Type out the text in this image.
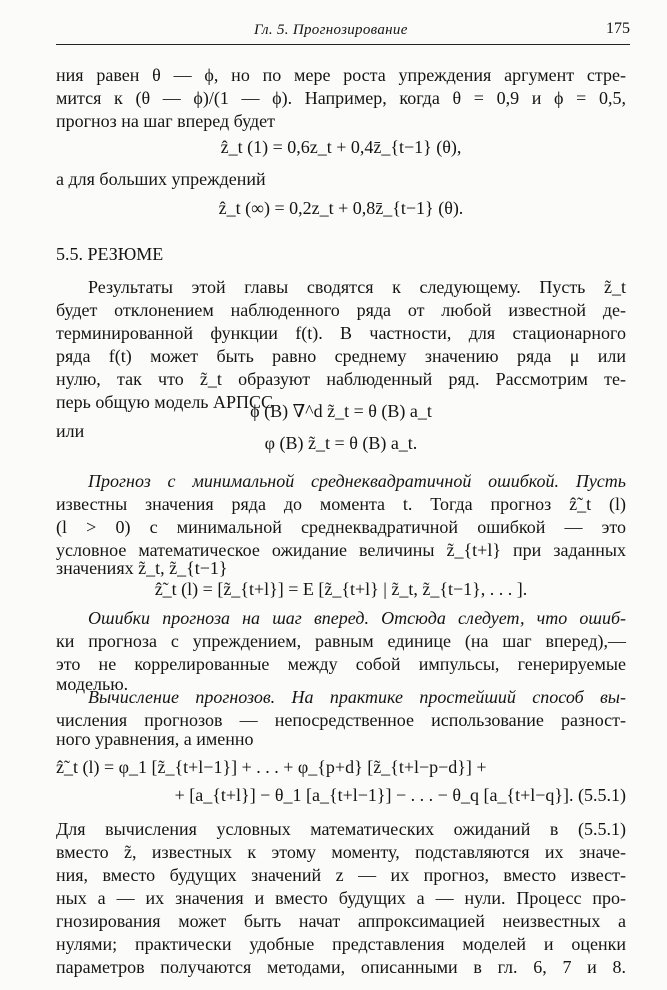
Гл. 5. Прогнозирование	175
ния равен θ — ϕ, но по мере роста упреждения аргумент стре-
мится к (θ — ϕ)/(1 — ϕ). Например, когда θ = 0,9 и ϕ = 0,5,
прогноз на шаг вперед будет
ẑ_t (1) = 0,6z_t + 0,4z̄_{t−1} (θ),
а для больших упреждений
ẑ_t (∞) = 0,2z_t + 0,8z̄_{t−1} (θ).
5.5. РЕЗЮМЕ
Результаты этой главы сводятся к следующему. Пусть z̃_t
будет отклонением наблюденного ряда от любой известной де-
терминированной функции f(t). В частности, для стационарного
ряда f(t) может быть равно среднему значению ряда μ или
нулю, так что z̃_t образуют наблюденный ряд. Рассмотрим те-
перь общую модель АРПСС
ϕ (B) ∇^d z̃_t = θ (B) a_t
или
φ (B) z̃_t = θ (B) a_t.
Прогноз с минимальной среднеквадратичной ошибкой. Пусть
известны значения ряда до момента t. Тогда прогноз ẑ̃_t (l)
(l > 0) с минимальной среднеквадратичной ошибкой — это
условное математическое ожидание величины z̃_{t+l} при заданных
значениях z̃_t, z̃_{t−1}
ẑ̃_t (l) = [z̃_{t+l}] = E [z̃_{t+l} | z̃_t, z̃_{t−1}, . . . ].
Ошибки прогноза на шаг вперед. Отсюда следует, что ошиб-
ки прогноза с упреждением, равным единице (на шаг вперед),—
это не коррелированные между собой импульсы, генерируемые
моделью.
Вычисление прогнозов. На практике простейший способ вы-
числения прогнозов — непосредственное использование разност-
ного уравнения, а именно
ẑ̃_t (l) = φ_1 [z̃_{t+l−1}] + . . . + φ_{p+d} [z̃_{t+l−p−d}] +
+ [a_{t+l}] − θ_1 [a_{t+l−1}] − . . . − θ_q [a_{t+l−q}]. (5.5.1)
Для вычисления условных математических ожиданий в (5.5.1)
вместо z̃, известных к этому моменту, подставляются их значе-
ния, вместо будущих значений z — их прогноз, вместо извест-
ных a — их значения и вместо будущих a — нули. Процесс про-
гнозирования может быть начат аппроксимацией неизвестных a
нулями; практически удобные представления моделей и оценки
параметров получаются методами, описанными в гл. 6, 7 и 8.
